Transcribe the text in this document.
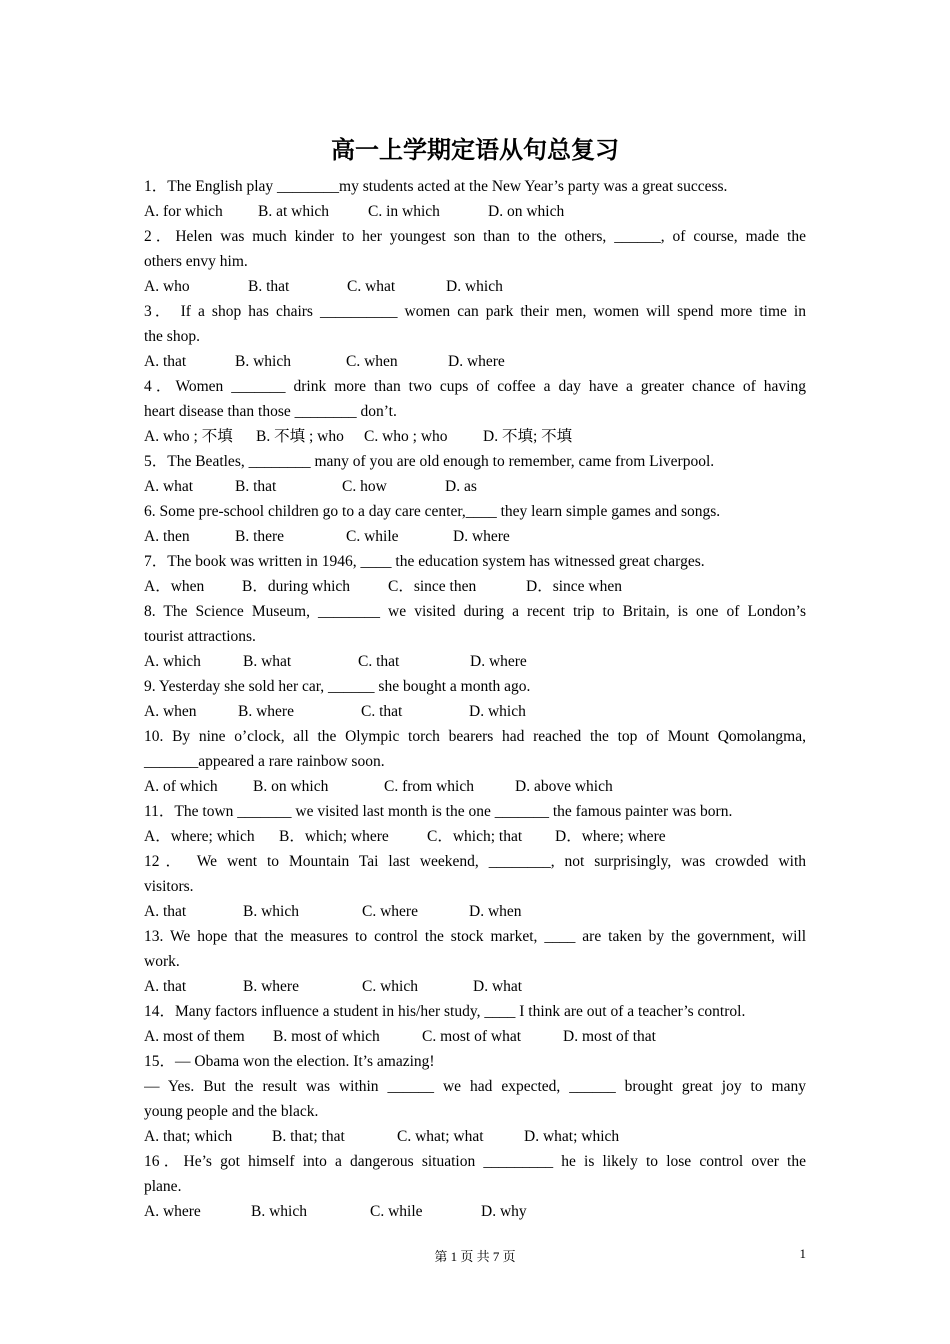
高一上学期定语从句总复习
1．The English play ________my students acted at the New Year’s party was a great success.
A. for which	B. at which	C. in which	D. on which
2．Helen was much kinder to her youngest son than to the others, ______, of course, made the
others envy him.
A. who	B. that	C. what	D. which
3． If a shop has chairs __________ women can park their men, women will spend more time in
the shop.
A. that	B. which	C. when	D. where
4．Women _______ drink more than two cups of coffee a day have a greater chance of having
heart disease than those ________ don’t.
A. who ; 不填	B. 不填 ; who	C. who ; who	D. 不填; 不填
5．The Beatles, ________ many of you are old enough to remember, came from Liverpool.
A. what	B. that	C. how	D. as
6. Some pre-school children go to a day care center,____ they learn simple games and songs.
A. then	B. there	C. while	D. where
7．The book was written in 1946, ____ the education system has witnessed great charges.
A．when	B．during which	C．since then	D．since when
8. The Science Museum, ________ we visited during a recent trip to Britain, is one of London’s
tourist attractions.
A. which	B. what	C. that	D. where
9. Yesterday she sold her car, ______ she bought a month ago.
A. when	B. where	C. that	D. which
10. By nine o’clock, all the Olympic torch bearers had reached the top of Mount Qomolangma,
_______appeared a rare rainbow soon.
A. of which	B. on which	C. from which	D. above which
11．The town _______ we visited last month is the one _______ the famous painter was born.
A．where; which	B．which; where	C．which; that	D．where; where
12． We went to Mountain Tai last weekend, ________, not surprisingly, was crowded with
visitors.
A. that	B. which	C. where	D. when
13. We hope that the measures to control the stock market, ____ are taken by the government, will
work.
A. that	B. where	C. which	D. what
14．Many factors influence a student in his/her study, ____ I think are out of a teacher’s control.
A. most of them	B. most of which	C. most of what	D. most of that
15．— Obama won the election. It’s amazing!
— Yes. But the result was within ______ we had expected, ______ brought great joy to many
young people and the black.
A. that; which	B. that; that	C. what; what	D. what; which
16．He’s got himself into a dangerous situation _________ he is likely to lose control over the
plane.
A. where	B. which	C. while	D. why
第 1 页 共 7 页	1
